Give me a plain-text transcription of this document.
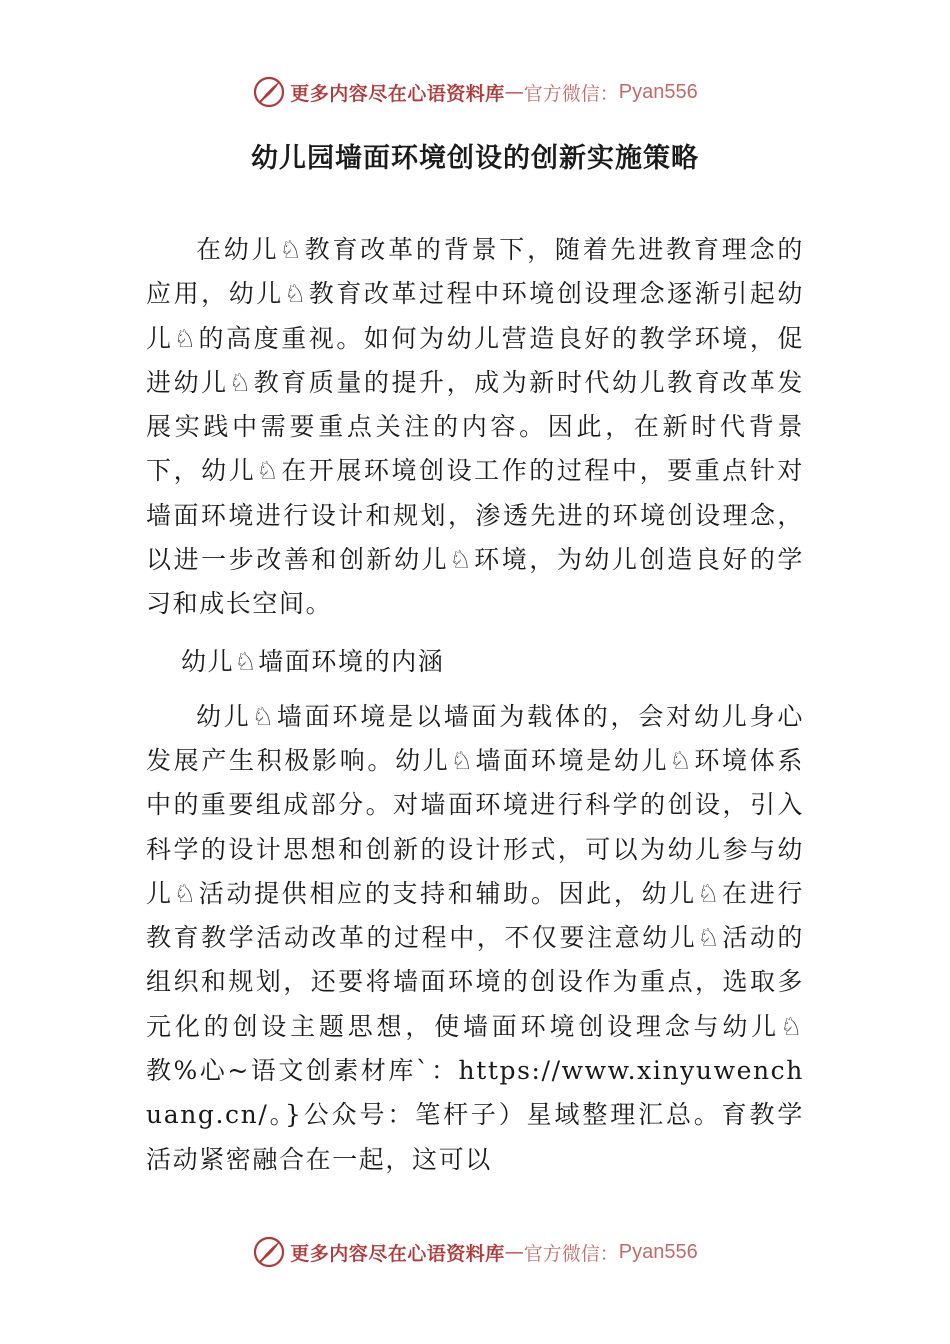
更多内容尽在心语资料库 — 官方微信： Pyan556
幼儿园墙面环境创设的创新实施策略

在幼儿♘教育改革的背景下，随着先进教育理念的应用，幼儿♘教育改革过程中环境创设理念逐渐引起幼儿♘的高度重视。如何为幼儿营造良好的教学环境，促进幼儿♘教育质量的提升，成为新时代幼儿教育改革发展实践中需要重点关注的内容。因此，在新时代背景下，幼儿♘在开展环境创设工作的过程中，要重点针对墙面环境进行设计和规划，渗透先进的环境创设理念，以进一步改善和创新幼儿♘环境，为幼儿创造良好的学习和成长空间。

幼儿♘墙面环境的内涵

幼儿♘墙面环境是以墙面为载体的，会对幼儿身心发展产生积极影响。幼儿♘墙面环境是幼儿♘环境体系中的重要组成部分。对墙面环境进行科学的创设，引入科学的设计思想和创新的设计形式，可以为幼儿参与幼儿♘活动提供相应的支持和辅助。因此，幼儿♘在进行教育教学活动改革的过程中，不仅要注意幼儿♘活动的组织和规划，还要将墙面环境的创设作为重点，选取多元化的创设主题思想，使墙面环境创设理念与幼儿♘教%心~语文创素材库`：https://www.xinyuwenchuang.cn/。}公众号：笔杆子）星域整理汇总。育教学活动紧密融合在一起，这可以

更多内容尽在心语资料库 — 官方微信： Pyan556
